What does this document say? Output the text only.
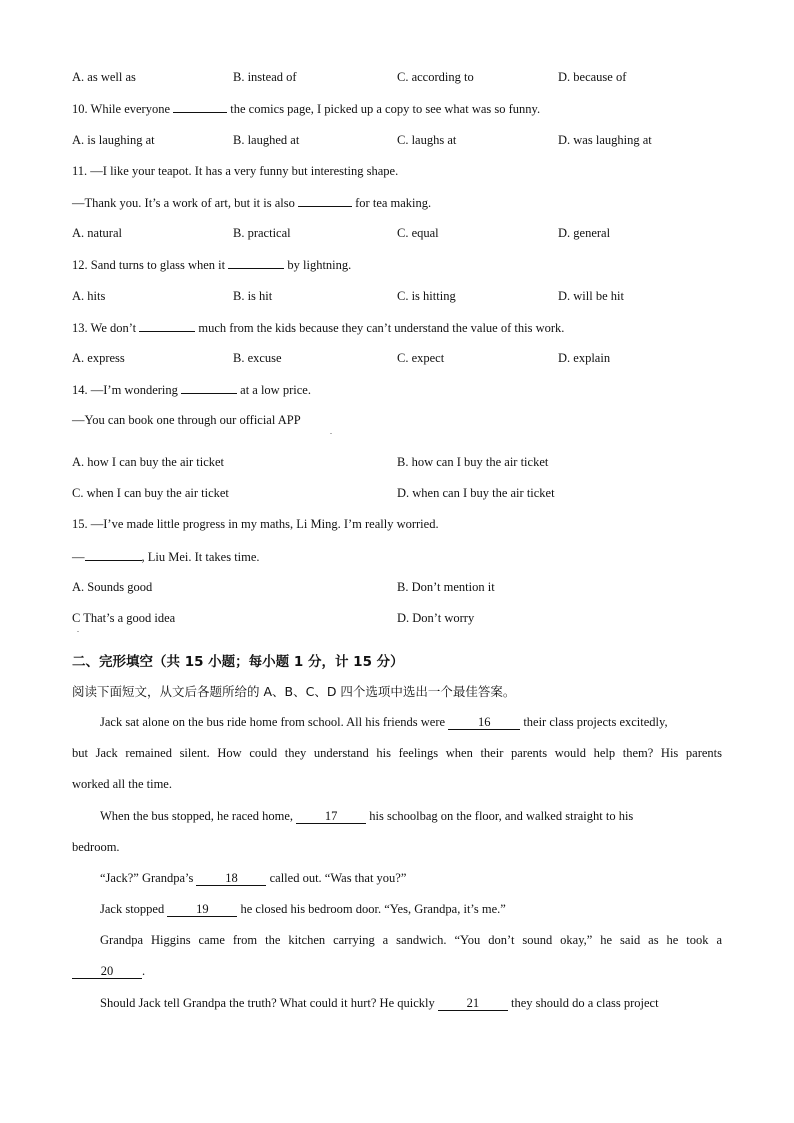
A. as well as	B. instead of	C. according to	D. because of
10. While everyone	the comics page, I picked up a copy to see what was so funny.
A. is laughing at	B. laughed at	C. laughs at	D. was laughing at
11. —I like your teapot. It has a very funny but interesting shape.
—Thank you. It’s a work of art, but it is also	for tea making.
A. natural	B. practical	C. equal	D. general
12. Sand turns to glass when it	by lightning.
A. hits	B. is hit	C. is hitting	D. will be hit
13. We don’t	much from the kids because they can’t understand the value of this work.
A. express	B. excuse	C. expect	D. explain
14. —I’m wondering	at a low price.
—You can book one through our official APP
.
A. how I can buy the air ticket	B. how can I buy the air ticket
C. when I can buy the air ticket	D. when can I buy the air ticket
15. —I’ve made little progress in my maths, Li Ming. I’m really worried.
—	, Liu Mei. It takes time.
A. Sounds good	B. Don’t mention it
C That’s a good idea	D. Don’t worry
.
二、完形填空（共 15 小题；每小题 1 分，计 15 分）
阅读下面短文，从文后各题所给的 A、B、C、D 四个选项中选出一个最佳答案。
Jack sat alone on the bus ride home from school. All his friends were 16 their class projects excitedly,
but Jack remained silent. How could they understand his feelings when their parents would help them? His parents
worked all the time.
When the bus stopped, he raced home, 17 his schoolbag on the floor, and walked straight to his
bedroom.
“Jack?” Grandpa’s 18 called out. “Was that you?”
Jack stopped 19 he closed his bedroom door. “Yes, Grandpa, it’s me.”
Grandpa Higgins came from the kitchen carrying a sandwich. “You don’t sound okay,” he said as he took a
20 .
Should Jack tell Grandpa the truth? What could it hurt? He quickly 21 they should do a class project
